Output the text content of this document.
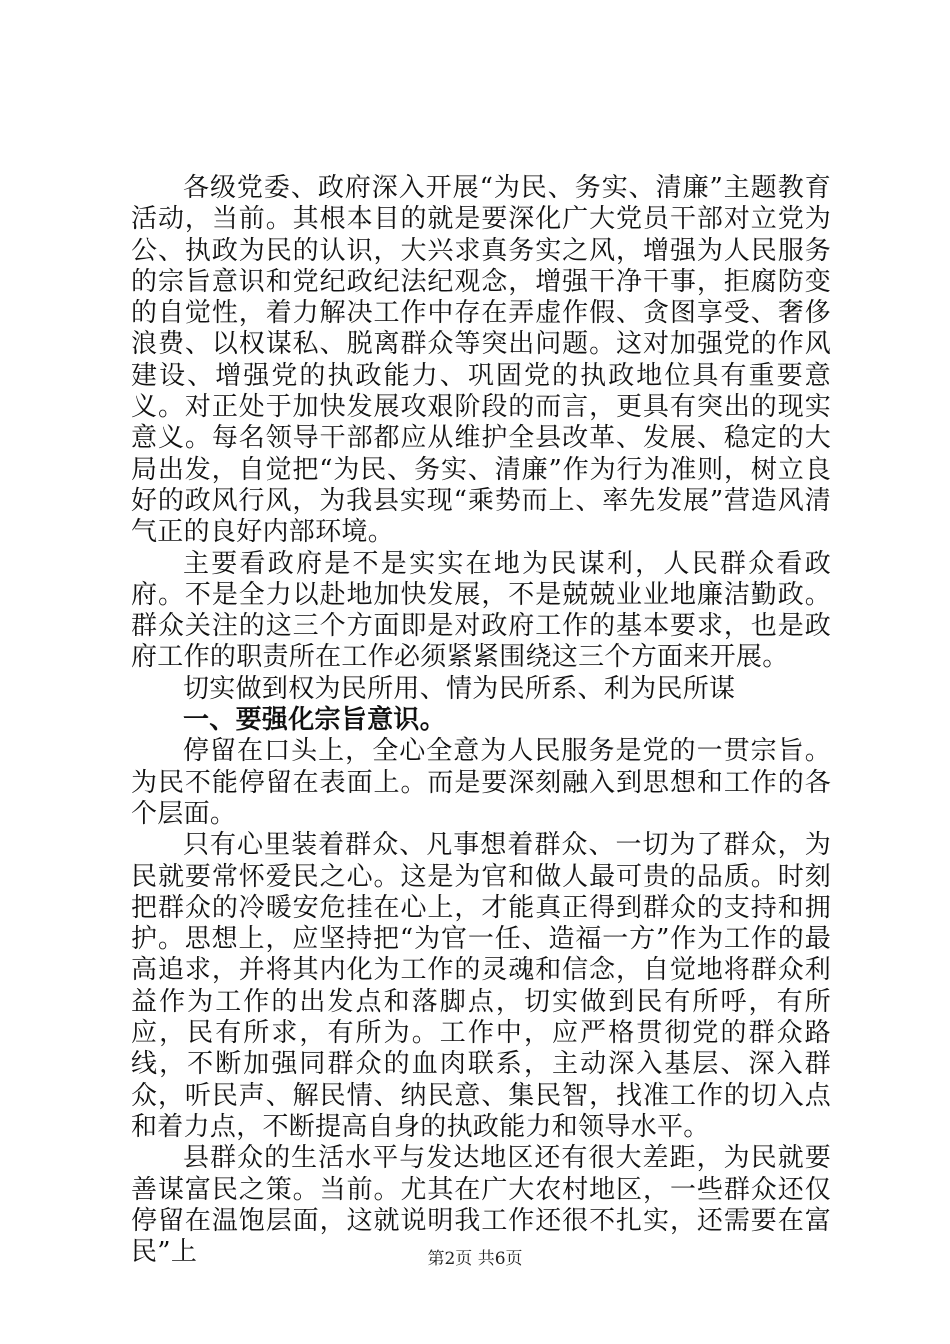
各级党委、政府深入开展“为民、务实、清廉”主题教育活动，当前。其根本目的就是要深化广大党员干部对立党为公、执政为民的认识，大兴求真务实之风，增强为人民服务的宗旨意识和党纪政纪法纪观念，增强干净干事，拒腐防变的自觉性，着力解决工作中存在弄虚作假、贪图享受、奢侈浪费、以权谋私、脱离群众等突出问题。这对加强党的作风建设、增强党的执政能力、巩固党的执政地位具有重要意义。对正处于加快发展攻艰阶段的而言，更具有突出的现实意义。每名领导干部都应从维护全县改革、发展、稳定的大局出发，自觉把“为民、务实、清廉”作为行为准则，树立良好的政风行风，为我县实现“乘势而上、率先发展”营造风清气正的良好内部环境。

主要看政府是不是实实在地为民谋利，人民群众看政府。不是全力以赴地加快发展，不是兢兢业业地廉洁勤政。群众关注的这三个方面即是对政府工作的基本要求，也是政府工作的职责所在工作必须紧紧围绕这三个方面来开展。

切实做到权为民所用、情为民所系、利为民所谋

一、要强化宗旨意识。

停留在口头上，全心全意为人民服务是党的一贯宗旨。为民不能停留在表面上。而是要深刻融入到思想和工作的各个层面。

只有心里装着群众、凡事想着群众、一切为了群众，为民就要常怀爱民之心。这是为官和做人最可贵的品质。时刻把群众的冷暖安危挂在心上，才能真正得到群众的支持和拥护。思想上，应坚持把“为官一任、造福一方”作为工作的最高追求，并将其内化为工作的灵魂和信念，自觉地将群众利益作为工作的出发点和落脚点，切实做到民有所呼，有所应，民有所求，有所为。工作中，应严格贯彻党的群众路线，不断加强同群众的血肉联系，主动深入基层、深入群众，听民声、解民情、纳民意、集民智，找准工作的切入点和着力点，不断提高自身的执政能力和领导水平。

县群众的生活水平与发达地区还有很大差距，为民就要善谋富民之策。当前。尤其在广大农村地区，一些群众还仅停留在温饱层面，这就说明我工作还很不扎实，还需要在富民”上	第2页 共6页
